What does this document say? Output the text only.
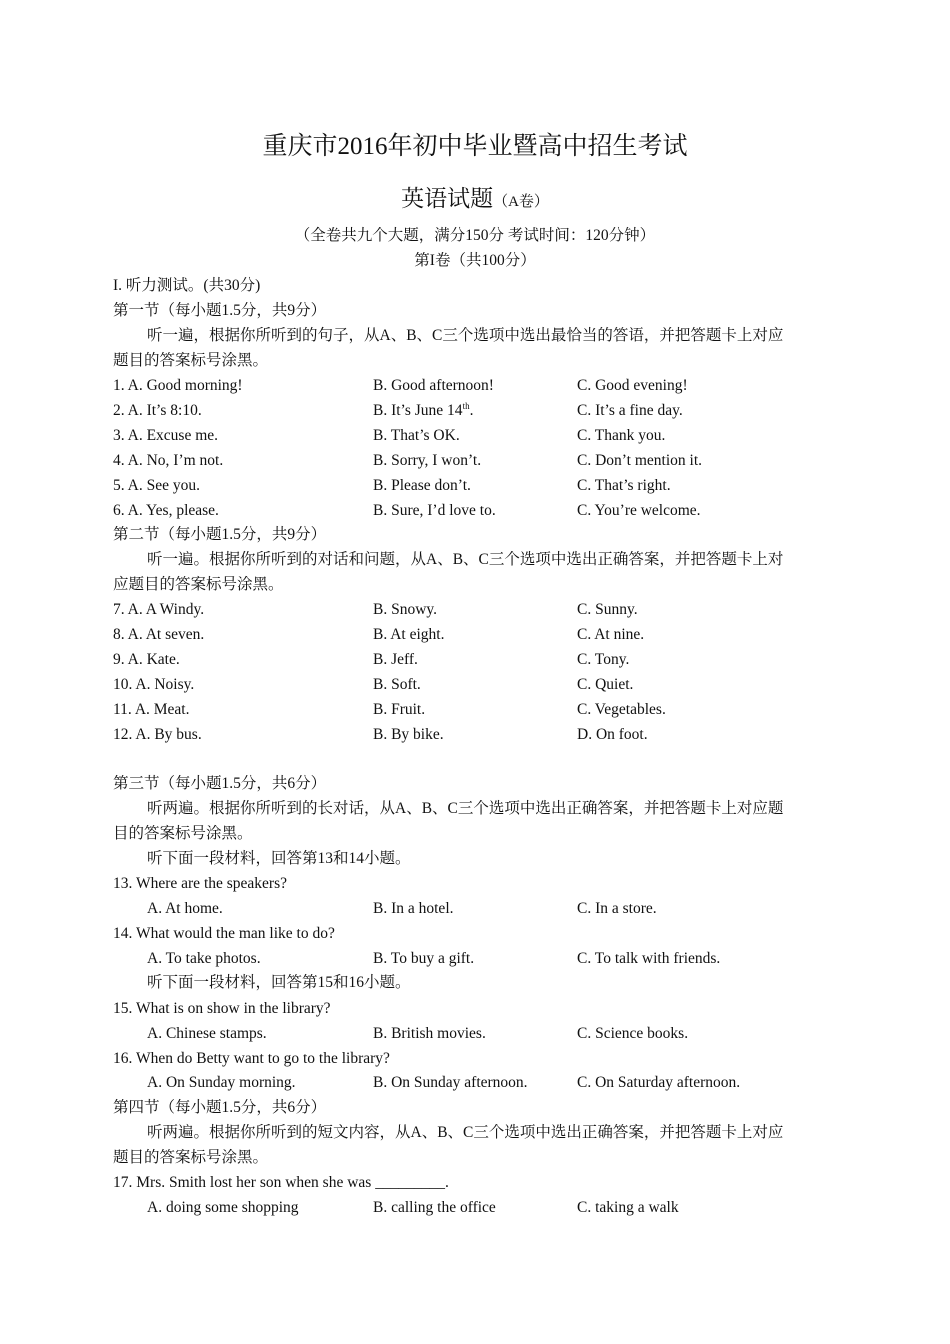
重庆市2016年初中毕业暨高中招生考试
英语试题（A卷）
（全卷共九个大题，满分150分 考试时间：120分钟）
第I卷（共100分）
I. 听力测试。(共30分)
第一节（每小题1.5分，共9分）
听一遍，根据你所听到的句子，从A、B、C三个选项中选出最恰当的答语，并把答题卡上对应
题目的答案标号涂黑。
1. A. Good morning!	B. Good afternoon!	C. Good evening!
2. A. It’s 8:10.	B. It’s June 14th.	C. It’s a fine day.
3. A. Excuse me.	B. That’s OK.	C. Thank you.
4. A. No, I’m not.	B. Sorry, I won’t.	C. Don’t mention it.
5. A. See you.	B. Please don’t.	C. That’s right.
6. A. Yes, please.	B. Sure, I’d love to.	C. You’re welcome.
第二节（每小题1.5分，共9分）
听一遍。根据你所听到的对话和问题，从A、B、C三个选项中选出正确答案，并把答题卡上对
应题目的答案标号涂黑。
7. A. A Windy.	B. Snowy.	C. Sunny.
8. A. At seven.	B. At eight.	C. At nine.
9. A. Kate.	B. Jeff.	C. Tony.
10. A. Noisy.	B. Soft.	C. Quiet.
11. A. Meat.	B. Fruit.	C. Vegetables.
12. A. By bus.	B. By bike.	D. On foot.
第三节（每小题1.5分，共6分）
听两遍。根据你所听到的长对话，从A、B、C三个选项中选出正确答案，并把答题卡上对应题
目的答案标号涂黑。
听下面一段材料，回答第13和14小题。
13. Where are the speakers?
A. At home.	B. In a hotel.	C. In a store.
14. What would the man like to do?
A. To take photos.	B. To buy a gift.	C. To talk with friends.
听下面一段材料，回答第15和16小题。
15. What is on show in the library?
A. Chinese stamps.	B. British movies.	C. Science books.
16. When do Betty want to go to the library?
A. On Sunday morning.	B. On Sunday afternoon.	C. On Saturday afternoon.
第四节（每小题1.5分，共6分）
听两遍。根据你所听到的短文内容，从A、B、C三个选项中选出正确答案，并把答题卡上对应
题目的答案标号涂黑。
17. Mrs. Smith lost her son when she was _________.
A. doing some shopping	B. calling the office	C. taking a walk
